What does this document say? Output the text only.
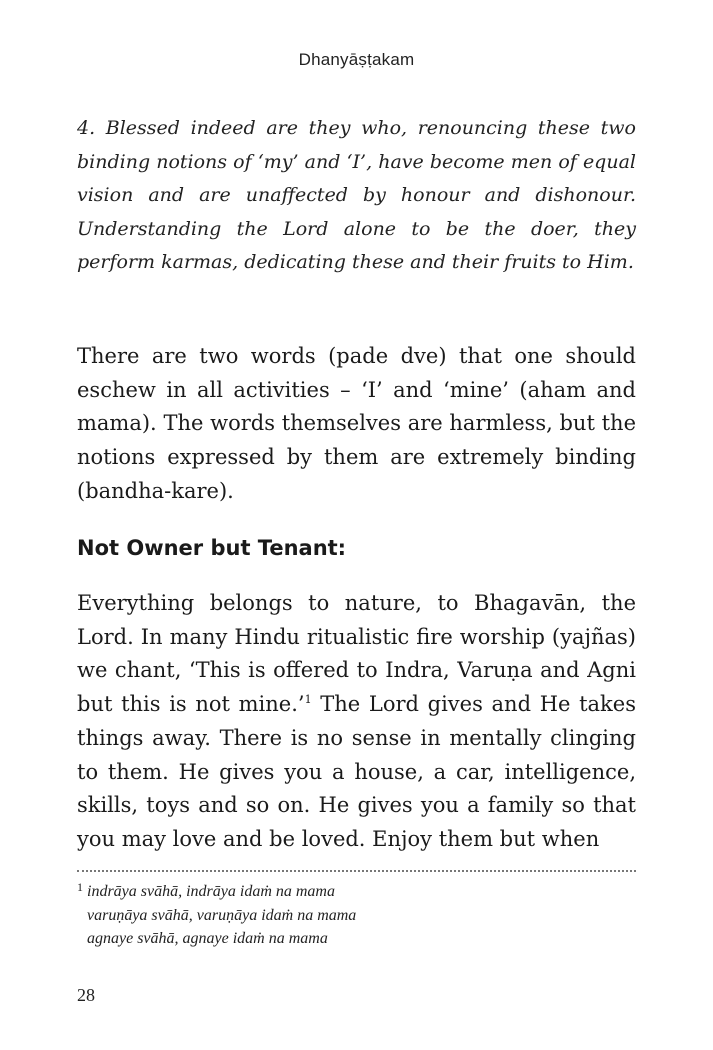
Dhanyāṣṭakam
4. Blessed indeed are they who, renouncing these two binding notions of ‘my’ and ‘I’, have become men of equal vision and are unaffected by honour and dishonour. Understanding the Lord alone to be the doer, they perform karmas, dedicating these and their fruits to Him.

There are two words (pade dve) that one should eschew in all activities – ‘I’ and ‘mine’ (aham and mama). The words themselves are harmless, but the notions expressed by them are extremely binding (bandha-kare).

Not Owner but Tenant:

Everything belongs to nature, to Bhagavān, the Lord. In many Hindu ritualistic fire worship (yajñas) we chant, ‘This is offered to Indra, Varuṇa and Agni but this is not mine.’$^1$ The Lord gives and He takes things away. There is no sense in mentally clinging to them. He gives you a house, a car, intelligence, skills, toys and so on. He gives you a family so that you may love and be loved. Enjoy them but when

$^1$ indrāya svāhā, indrāya idaṁ na mama
varuṇāya svāhā, varuṇāya idaṁ na mama
agnaye svāhā, agnaye idaṁ na mama
28
